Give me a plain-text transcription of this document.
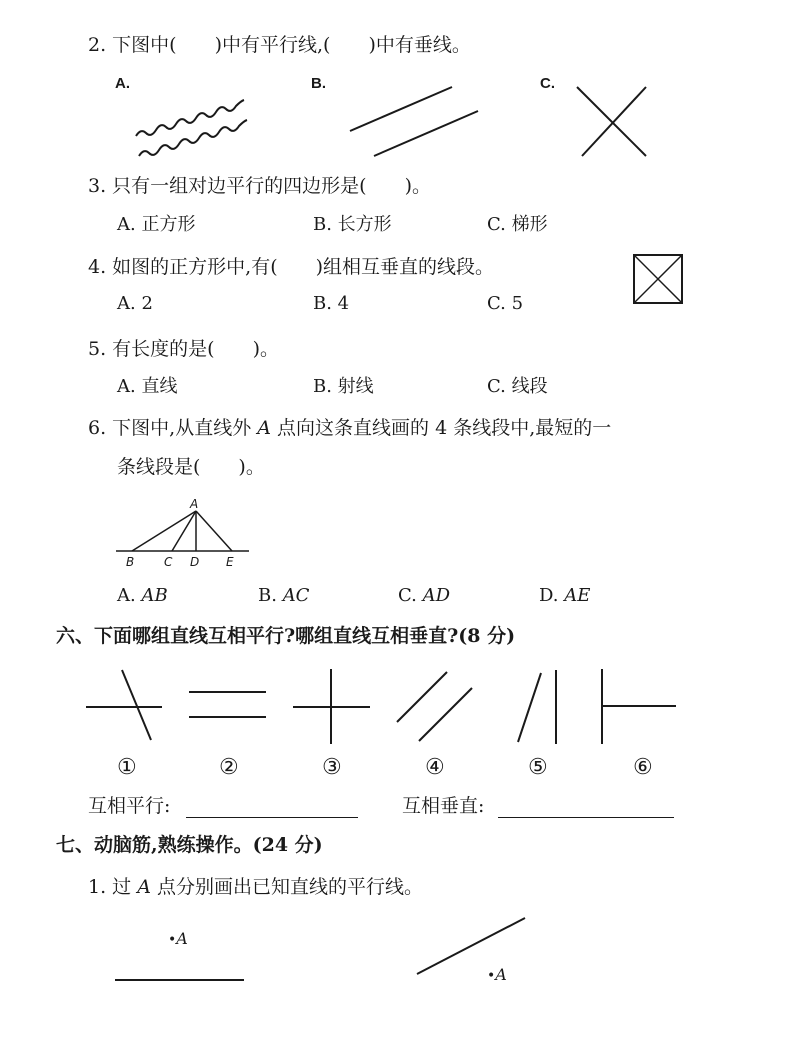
2. 下图中(　　)中有平行线,(　　)中有垂线。
A.	B.	C.
3. 只有一组对边平行的四边形是(　　)。
A. 正方形	B. 长方形	C. 梯形
4. 如图的正方形中,有(　　)组相互垂直的线段。
A. 2	B. 4	C. 5
5. 有长度的是(　　)。
A. 直线	B. 射线	C. 线段
6. 下图中,从直线外 A 点向这条直线画的 4 条线段中,最短的一
条线段是(　　)。
A
B C D E
A. AB	B. AC	C. AD	D. AE
六、下面哪组直线互相平行?哪组直线互相垂直?(8 分)
①	②	③	④	⑤	⑥
互相平行:	互相垂直:
七、动脑筋,熟练操作。(24 分)
1. 过 A 点分别画出已知直线的平行线。
•A
•A
